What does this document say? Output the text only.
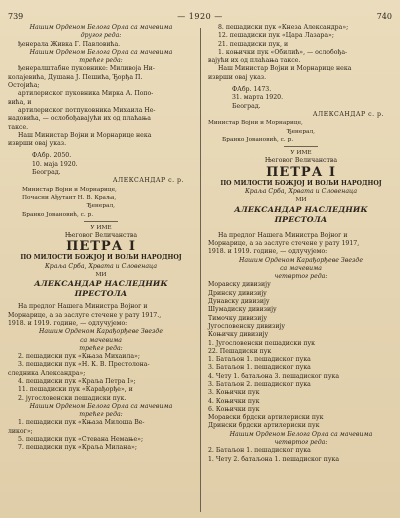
739	— 1920 —	740

Нашим Орденом Белога Орла са мачевима

другог реда:

ђенерала Живка Г. Павловића.

Нашим Орденом Белога Орла са мачевима

трећег реда:

ђенералштабне пуковнике: Миливоја Ни-

колајевића, Душана Ј. Пешића, Ђорђа П.

Остојића;

артилериског пуковника Мирка А. Попо-

вића, и

артилериског потпуковника Михаила Не-

надовића, — ослобођавајући их од плаћања

таксе.

Наш Министар Војни и Морнарице нека

изврши овај указ.

ФАбр. 2050.

10. маја 1920.

Београд.

АЛЕКСАНДАР с. р.

Министар Војни и Морнарице,

Почасни Ађутант Н. В. Краља,

Ђенерал,

Бранко Јовановић, с. р.

У ИМЕ

Његовог Величанства

ПЕТРА I

ПО МИЛОСТИ БОЖЈОЈ И ВОЉИ НАРОДНОЈ

Краља Срба, Хрвата и Словенаца

МИ

АЛЕКСАНДАР НАСЛЕДНИК ПРЕСТОЛА

На предлог Нашега Министра Војног и

Морнарице, а за заслуге стечене у рату 1917.,

1918. и 1919. године, — одлучујемо:

Нашим Орденом Карађорђеве Звезде

са мачевима

трећег реда:

2. пешадиски пук «Књаза Михаила»;

3. пешадиски пук «Н. К. В. Престолона-

следника Александра»;

4. пешадиски пук «Краља Петра I»;

11. пешадиски пук «Карађорђе», и

2. југословенски пешадиски пук.

Нашим Орденом Белога Орла са мачевима

трећег реда:

1. пешадиски пук «Књаза Милоша Ве-

ликог»;

5. пешадиски пук «Стевана Немање»;

7. пешадиски пук «Краља Милана»;

8. пешадиски пук «Кнеза Александра»;

12. пешадиски пук «Цара Лазара»;

21. пешадиски пук, и

1. коњички пук «Обилић», — ослобођа-

вајући их од плаћања таксе.

Наш Министар Војни и Морнарице нека

изврши овај указ.

ФАбр. 1473.

31. марта 1920.

Београд.

АЛЕКСАНДАР с. р.

Министар Војни и Морнарице,

Ђенерал,

Бранко Јовановић, с. р.

У ИМЕ

Његовог Величанства

ПЕТРА I

ПО МИЛОСТИ БОЖЈОЈ И ВОЉИ НАРОДНОЈ

Краља Срба, Хрвата и Словенаца

МИ

АЛЕКСАНДАР НАСЛЕДНИК ПРЕСТОЛА

На предлог Нашега Министра Војног и

Морнарице, а за заслуге стечене у рату 1917,

1918. и 1919. године, — одлучујемо:

Нашим Орденом Карађорђеве Звезде

са мачевима

четвртог реда:

Моравску дивизију

Дринску дивизију

Дунавску дивизију

Шумадиску дивизију

Тимочку дивизију

Југословенску дивизију

Коњичку дивизију

1. Југословенски пешадиски пук

22. Пешадиски пук

1. Батаљон 1. пешадиског пука

3. Батаљон 1. пешадиског пука

4. Чету 1. батаљона 3. пешадиског пука

3. Батаљон 2. пешадиског пука

3. Коњички пук

4. Коњички пук

6. Коњички пук

Моравски брдски артилериски пук

Дрински брдски артилериски пук

Нашим Орденом Белога Орла са мачевима

четвртог реда:

2. Батаљон 1. пешадиског пука

1. Чету 2. батаљона 1. пешадиског пука
